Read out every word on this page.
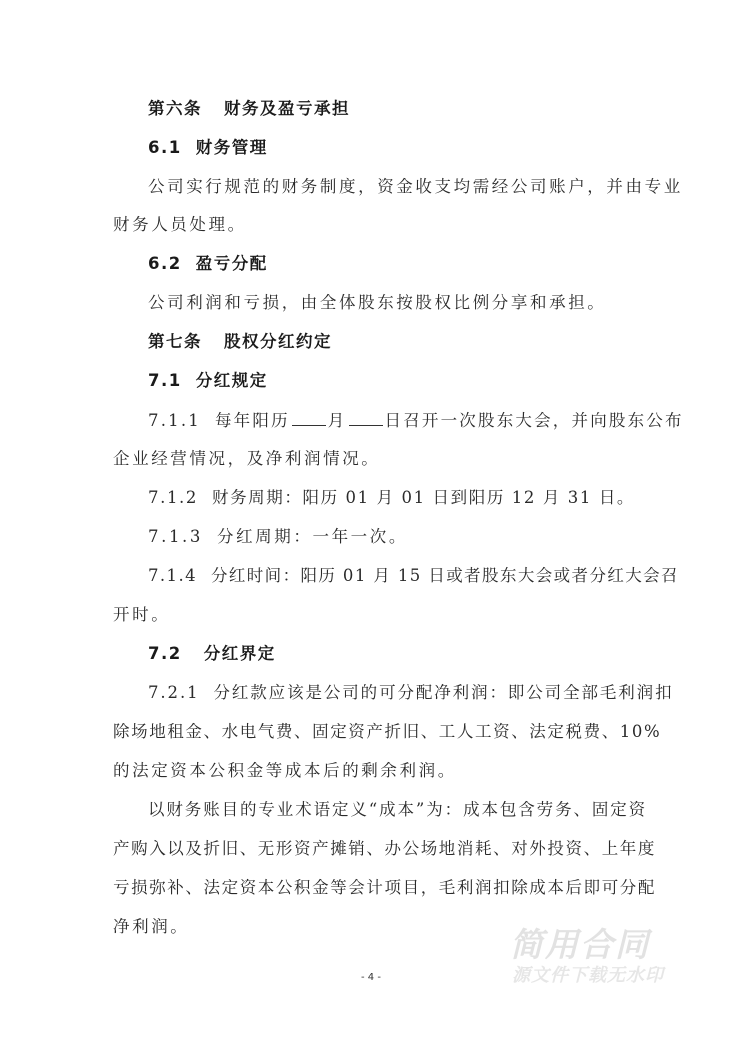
第六条 财务及盈亏承担
6.1 财务管理
公司实行规范的财务制度，资金收支均需经公司账户，并由专业
财务人员处理。
6.2 盈亏分配
公司利润和亏损，由全体股东按股权比例分享和承担。
第七条 股权分红约定
7.1 分红规定
7.1.1 每年阳历 月 日召开一次股东大会，并向股东公布
企业经营情况，及净利润情况。
7.1.2 财务周期：阳历 01 月 01 日到阳历 12 月 31 日。
7.1.3 分红周期：一年一次。
7.1.4 分红时间：阳历 01 月 15 日或者股东大会或者分红大会召
开时。
7.2 分红界定
7.2.1 分红款应该是公司的可分配净利润：即公司全部毛利润扣
除场地租金、水电气费、固定资产折旧、工人工资、法定税费、10%
的法定资本公积金等成本后的剩余利润。
以财务账目的专业术语定义“成本”为：成本包含劳务、固定资
产购入以及折旧、无形资产摊销、办公场地消耗、对外投资、上年度
亏损弥补、法定资本公积金等会计项目，毛利润扣除成本后即可分配
净利润。
- 4 -
简用合同
源文件下载无水印
